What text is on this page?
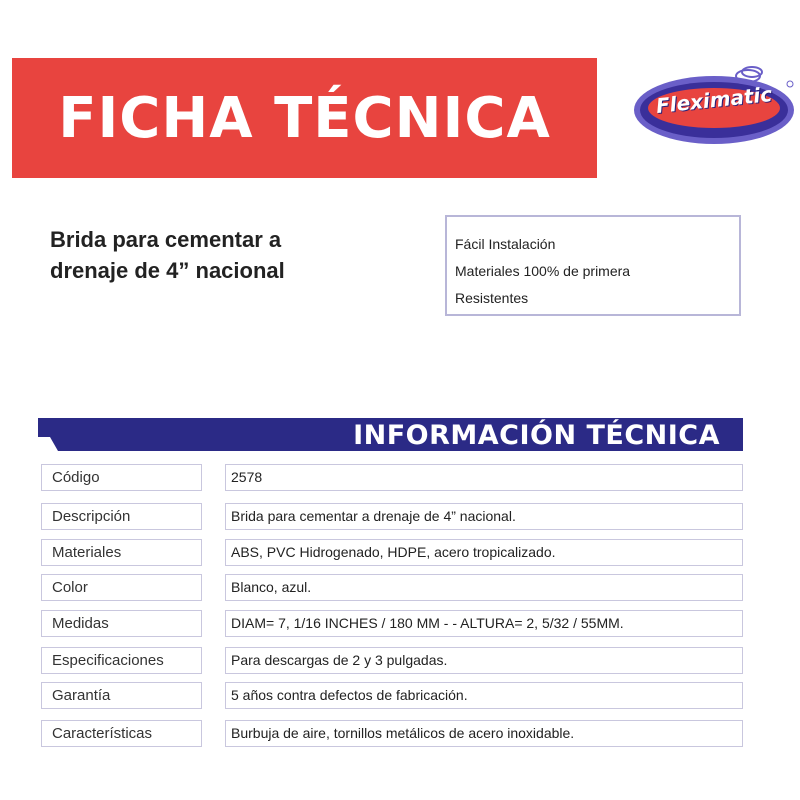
FICHA TÉCNICA	Fleximatic
Brida para cementar a
drenaje de 4” nacional
Fácil Instalación
Materiales 100% de primera
Resistentes
INFORMACIÓN TÉCNICA
Código	2578
Descripción	Brida para cementar a drenaje de 4” nacional.
Materiales	ABS, PVC Hidrogenado, HDPE, acero tropicalizado.
Color	Blanco, azul.
Medidas	DIAM= 7, 1/16 INCHES / 180 MM - - ALTURA= 2, 5/32 / 55MM.
Especificaciones	Para descargas de 2 y 3 pulgadas.
Garantía	5 años contra defectos de fabricación.
Características	Burbuja de aire, tornillos metálicos de acero inoxidable.
